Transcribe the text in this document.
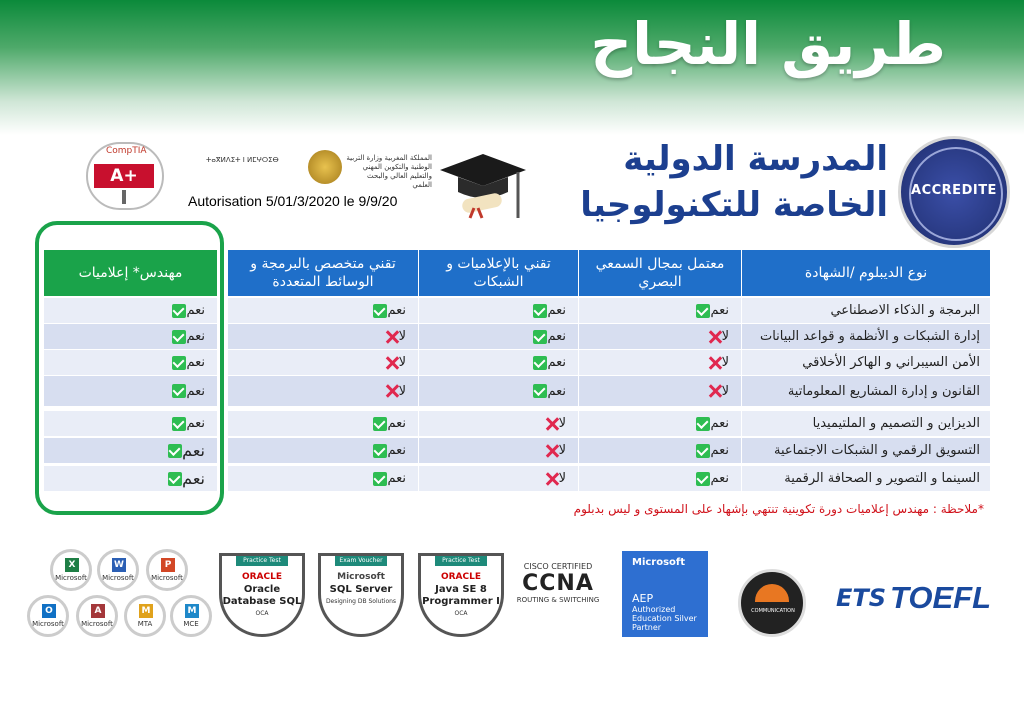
طريق النجاح
المدرسة الدولية
الخاصة للتكنولوجيا	ACCREDITE
CompTIA
A+
ⵜⴰⴳⵍⴷⵉⵜ ⵏ ⵍⵎⵖⵔⵉⴱ	المملكة المغربية وزارة التربية الوطنية والتكوين المهني والتعليم العالي والبحث العلمي
Autorisation 5/01/3/2020 le 9/9/20
نوع الديبلوم /الشهادة
معتمل بمجال السمعي البصري
تقني بالإعلاميات و الشبكات
تقني متخصص بالبرمجة و الوسائط المتعددة
مهندس* إعلاميات
البرمجة و الذكاء الاصطناعي
نعم
نعم
نعم
نعم
إدارة الشبكات و الأنظمة و قواعد البيانات
لا
نعم
لا
نعم
الأمن السيبراني و الهاكر الأخلاقي
لا
نعم
لا
نعم
القانون و إدارة المشاريع المعلوماتية
لا
نعم
لا
نعم
الديزاين و التصميم و الملتيميديا
نعم
لا
نعم
نعم
التسويق الرقمي و الشبكات الاجتماعية
نعم
لا
نعم
نعم
السينما و التصوير و الصحافة الرقمية
نعم
لا
نعم
نعم
*ملاحظة : مهندس إعلاميات دورة تكوينية تنتهي بإشهاد على المستوى و ليس بدبلوم
X
Microsoft
W
Microsoft
P
Microsoft
O
Microsoft
A
Microsoft
M
MTA
M
MCE
Practice Test
ORACLE
Oracle Database SQL
OCA
Exam Voucher
Microsoft
SQL Server
Designing DB Solutions
Practice Test
ORACLE
Java SE 8 Programmer I
OCA
CISCO CERTIFIED
CCNA
ROUTING & SWITCHING
Microsoft
AEP
Authorized Education Silver Partner
COMMUNICATION ETS TOEFL
